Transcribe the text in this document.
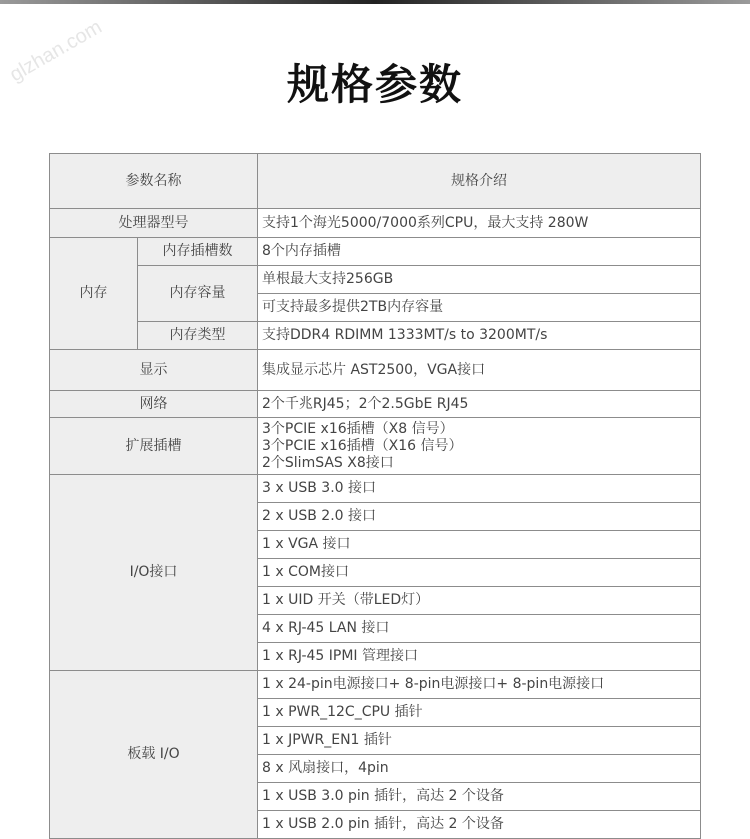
glzhan.com	规格参数
参数名称		规格介绍
处理器型号		支持1个海光5000/7000系列CPU，最大支持 280W
内存	内存插槽数	8个内存插槽
	内存容量	单根最大支持256GB
		可支持最多提供2TB内存容量
	内存类型	支持DDR4 RDIMM 1333MT/s to 3200MT/s
显示		集成显示芯片 AST2500，VGA接口
网络		2个千兆RJ45；2个2.5GbE RJ45
扩展插槽		3个PCIE x16插槽（X8 信号）
3个PCIE x16插槽（X16 信号）
2个SlimSAS X8接口

I/O接口		3 x USB 3.0 接口
		2 x USB 2.0 接口
		1 x VGA 接口
		1 x COM接口
		1 x UID 开关（带LED灯）
		4 x RJ-45 LAN 接口
		1 x RJ-45 IPMI 管理接口
板载 I/O		1 x 24-pin电源接口+ 8-pin电源接口+ 8-pin电源接口
		1 x PWR_12C_CPU 插针
		1 x JPWR_EN1 插针
		8 x 风扇接口，4pin
		1 x USB 3.0 pin 插针，高达 2 个设备
		1 x USB 2.0 pin 插针，高达 2 个设备
